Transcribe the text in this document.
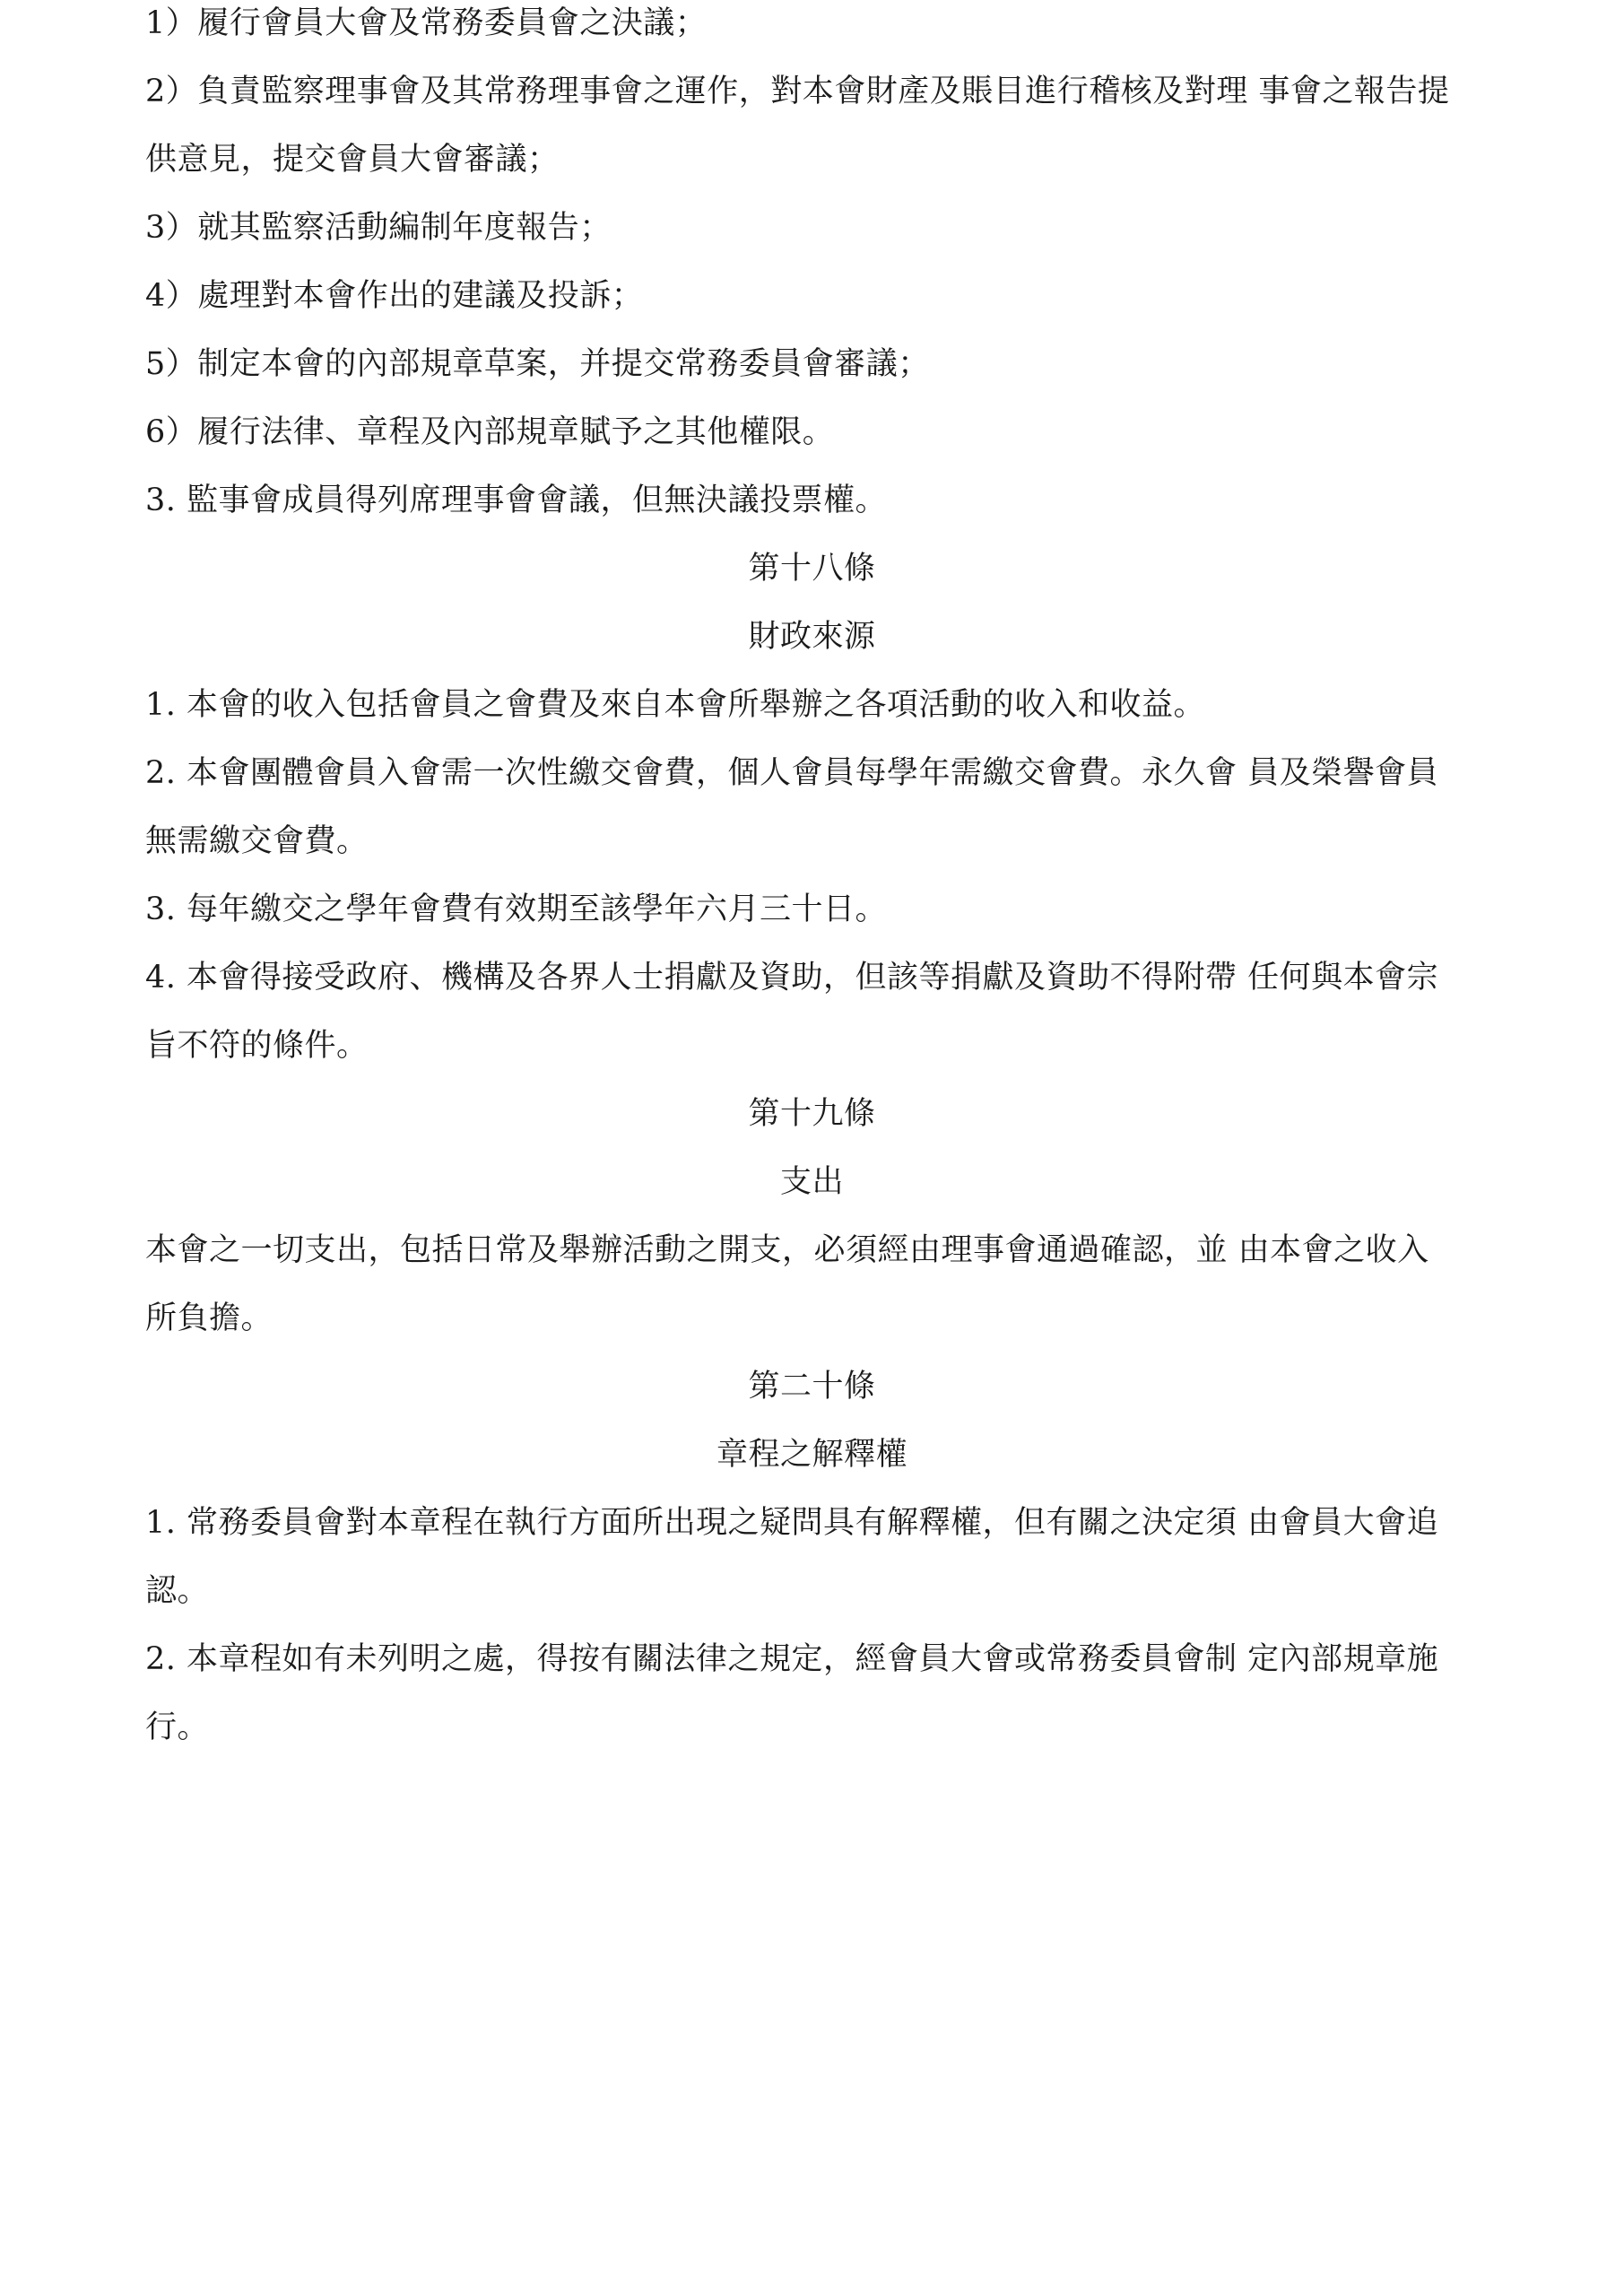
1）履行會員大會及常務委員會之決議；
2）負責監察理事會及其常務理事會之運作，對本會財產及賬目進行稽核及對理 事會之報告提
供意見，提交會員大會審議；
3）就其監察活動編制年度報告；
4）處理對本會作出的建議及投訴；
5）制定本會的內部規章草案，并提交常務委員會審議；
6）履行法律、章程及內部規章賦予之其他權限。
3. 監事會成員得列席理事會會議，但無決議投票權。
第十八條
財政來源
1. 本會的收入包括會員之會費及來自本會所舉辦之各項活動的收入和收益。
2. 本會團體會員入會需一次性繳交會費，個人會員每學年需繳交會費。永久會 員及榮譽會員
無需繳交會費。
3. 每年繳交之學年會費有效期至該學年六月三十日。
4. 本會得接受政府、機構及各界人士捐獻及資助，但該等捐獻及資助不得附帶 任何與本會宗
旨不符的條件。
第十九條
支出
本會之一切支出，包括日常及舉辦活動之開支，必須經由理事會通過確認，並 由本會之收入
所負擔。
第二十條
章程之解釋權
1. 常務委員會對本章程在執行方面所出現之疑問具有解釋權，但有關之決定須 由會員大會追
認。
2. 本章程如有未列明之處，得按有關法律之規定，經會員大會或常務委員會制 定內部規章施
行。
